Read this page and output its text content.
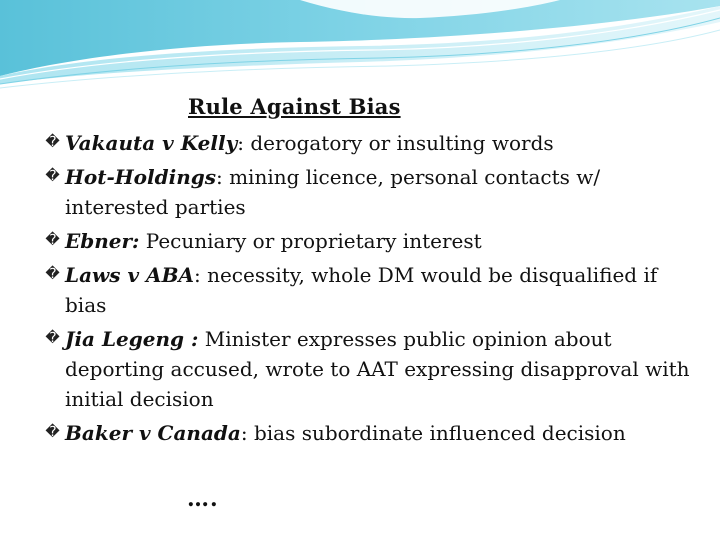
Rule Against Bias
� Vakauta v Kelly: derogatory or insulting words
� Hot-Holdings: mining licence, personal contacts w/ interested parties
� Ebner: Pecuniary or proprietary interest
� Laws v ABA: necessity, whole DM would be disqualified if bias
� Jia Legeng : Minister expresses public opinion about deporting accused, wrote to AAT expressing disapproval with initial decision
� Baker v Canada: bias subordinate influenced decision
….
